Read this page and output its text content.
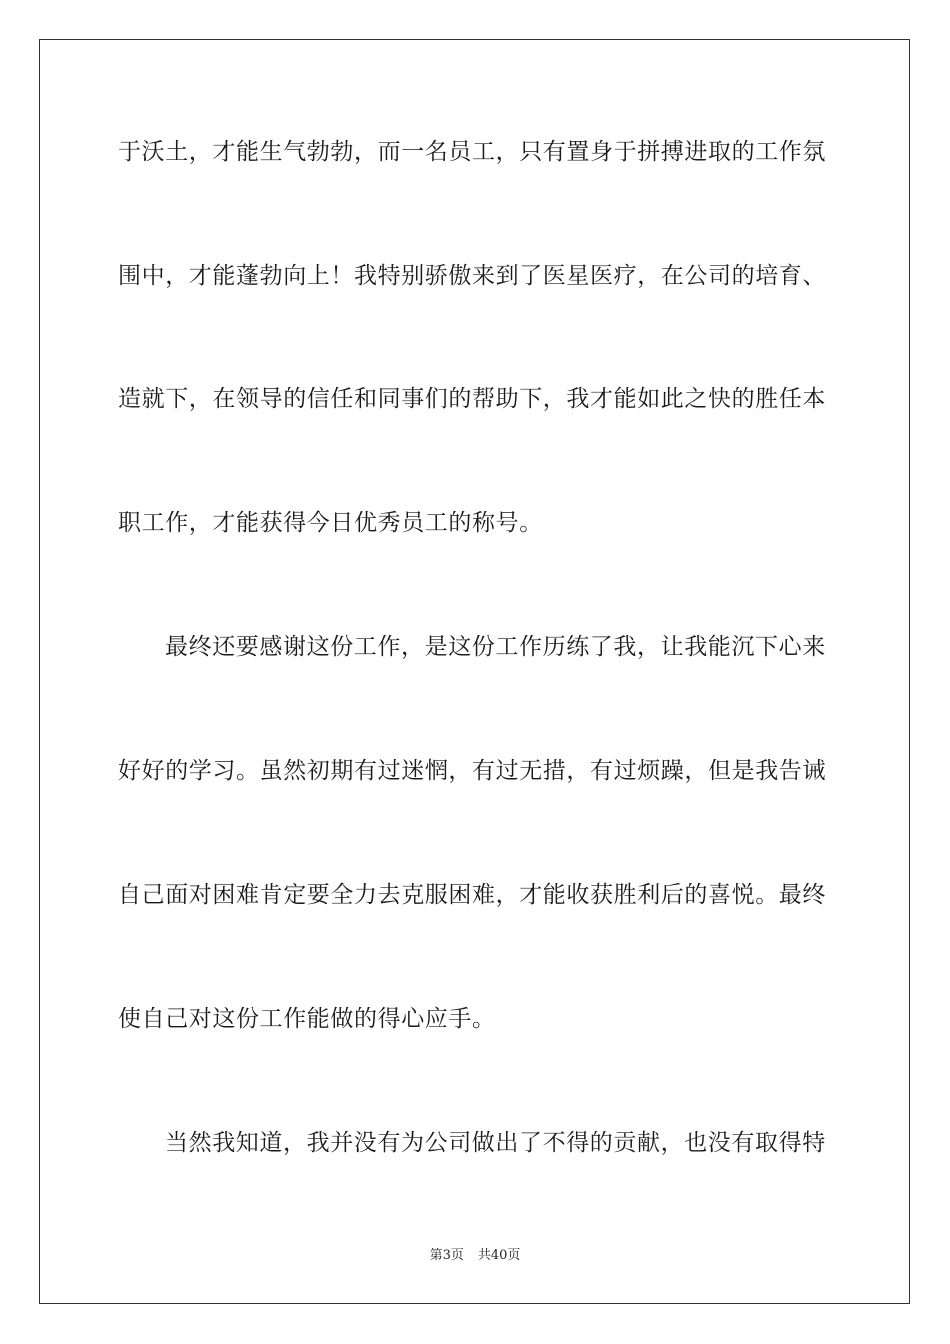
于沃土，才能生气勃勃，而一名员工，只有置身于拼搏进取的工作氛
围中，才能蓬勃向上！我特别骄傲来到了医星医疗，在公司的培育、
造就下，在领导的信任和同事们的帮助下，我才能如此之快的胜任本
职工作，才能获得今日优秀员工的称号。
最终还要感谢这份工作，是这份工作历练了我，让我能沉下心来
好好的学习。虽然初期有过迷惘，有过无措，有过烦躁，但是我告诫
自己面对困难肯定要全力去克服困难，才能收获胜利后的喜悦。最终
使自己对这份工作能做的得心应手。
当然我知道，我并没有为公司做出了不得的贡献，也没有取得特
第3页 共40页
